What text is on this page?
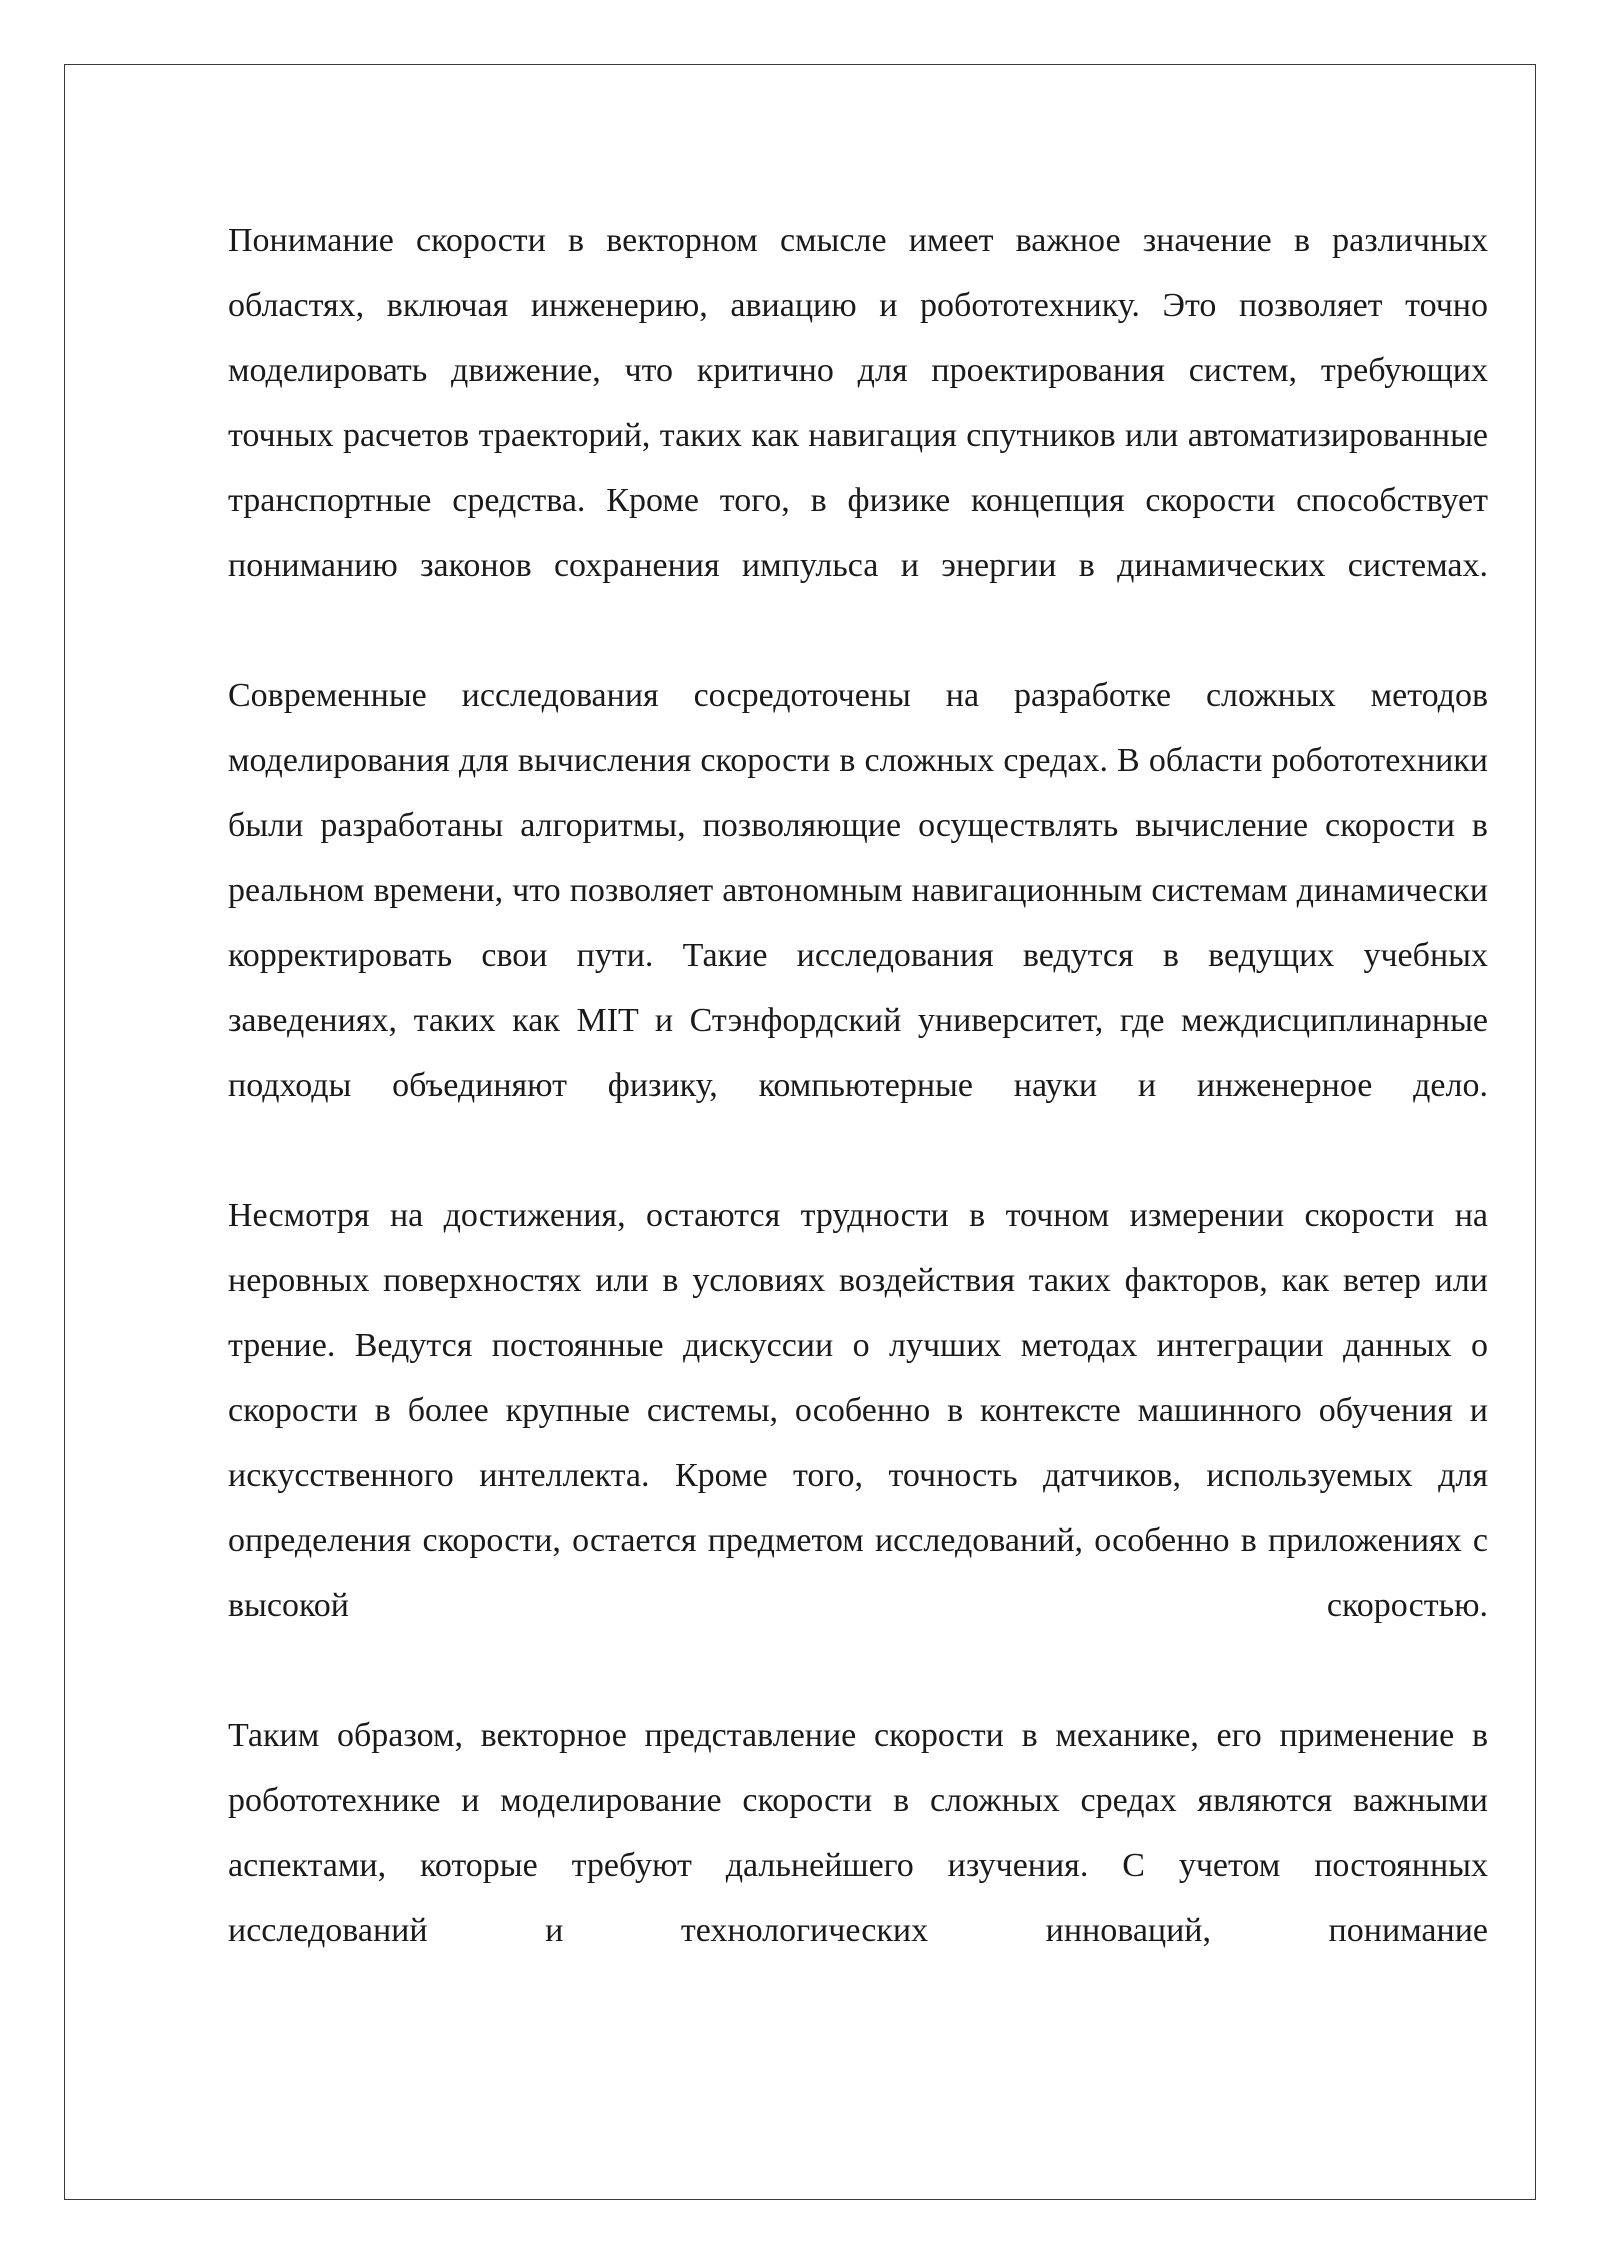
Понимание скорости в векторном смысле имеет важное значение в различных областях, включая инженерию, авиацию и робототехнику. Это позволяет точно моделировать движение, что критично для проектирования систем, требующих точных расчетов траекторий, таких как навигация спутников или автоматизированные транспортные средства. Кроме того, в физике концепция скорости способствует пониманию законов сохранения импульса и энергии в динамических системах.

Современные исследования сосредоточены на разработке сложных методов моделирования для вычисления скорости в сложных средах. В области робототехники были разработаны алгоритмы, позволяющие осуществлять вычисление скорости в реальном времени, что позволяет автономным навигационным системам динамически корректировать свои пути. Такие исследования ведутся в ведущих учебных заведениях, таких как MIT и Стэнфордский университет, где междисциплинарные подходы объединяют физику, компьютерные науки и инженерное дело.

Несмотря на достижения, остаются трудности в точном измерении скорости на неровных поверхностях или в условиях воздействия таких факторов, как ветер или трение. Ведутся постоянные дискуссии о лучших методах интеграции данных о скорости в более крупные системы, особенно в контексте машинного обучения и искусственного интеллекта. Кроме того, точность датчиков, используемых для определения скорости, остается предметом исследований, особенно в приложениях с высокой скоростью.

Таким образом, векторное представление скорости в механике, его применение в робототехнике и моделирование скорости в сложных средах являются важными аспектами, которые требуют дальнейшего изучения. С учетом постоянных исследований и технологических инноваций, понимание
